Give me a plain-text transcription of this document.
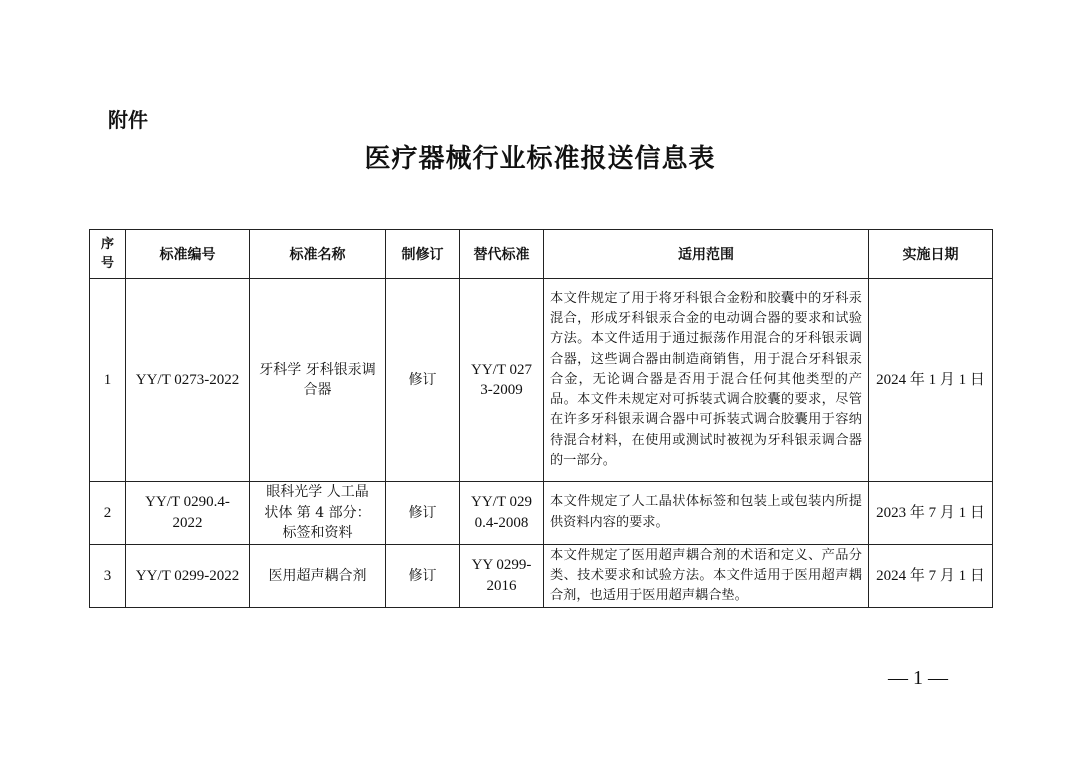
附件
医疗器械行业标准报送信息表
序号	标准编号	标准名称	制修订	替代标准	适用范围	实施日期
1	YY/T 0273-2022	牙科学 牙科银汞调合器	修订	YY/T 0273-2009	本文件规定了用于将牙科银合金粉和胶囊中的牙科汞混合，形成牙科银汞合金的电动调合器的要求和试验方法。本文件适用于通过振荡作用混合的牙科银汞调合器，这些调合器由制造商销售，用于混合牙科银汞合金，无论调合器是否用于混合任何其他类型的产品。本文件未规定对可拆装式调合胶囊的要求，尽管在许多牙科银汞调合器中可拆装式调合胶囊用于容纳待混合材料，在使用或测试时被视为牙科银汞调合器的一部分。	2024 年 1 月 1 日
2	YY/T 0290.4-2022	眼科光学 人工晶状体 第 4 部分：标签和资料	修订	YY/T 0290.4-2008	本文件规定了人工晶状体标签和包装上或包装内所提供资料内容的要求。	2023 年 7 月 1 日
3	YY/T 0299-2022	医用超声耦合剂	修订	YY 0299-2016	本文件规定了医用超声耦合剂的术语和定义、产品分类、技术要求和试验方法。本文件适用于医用超声耦合剂，也适用于医用超声耦合垫。	2024 年 7 月 1 日
— 1 —
